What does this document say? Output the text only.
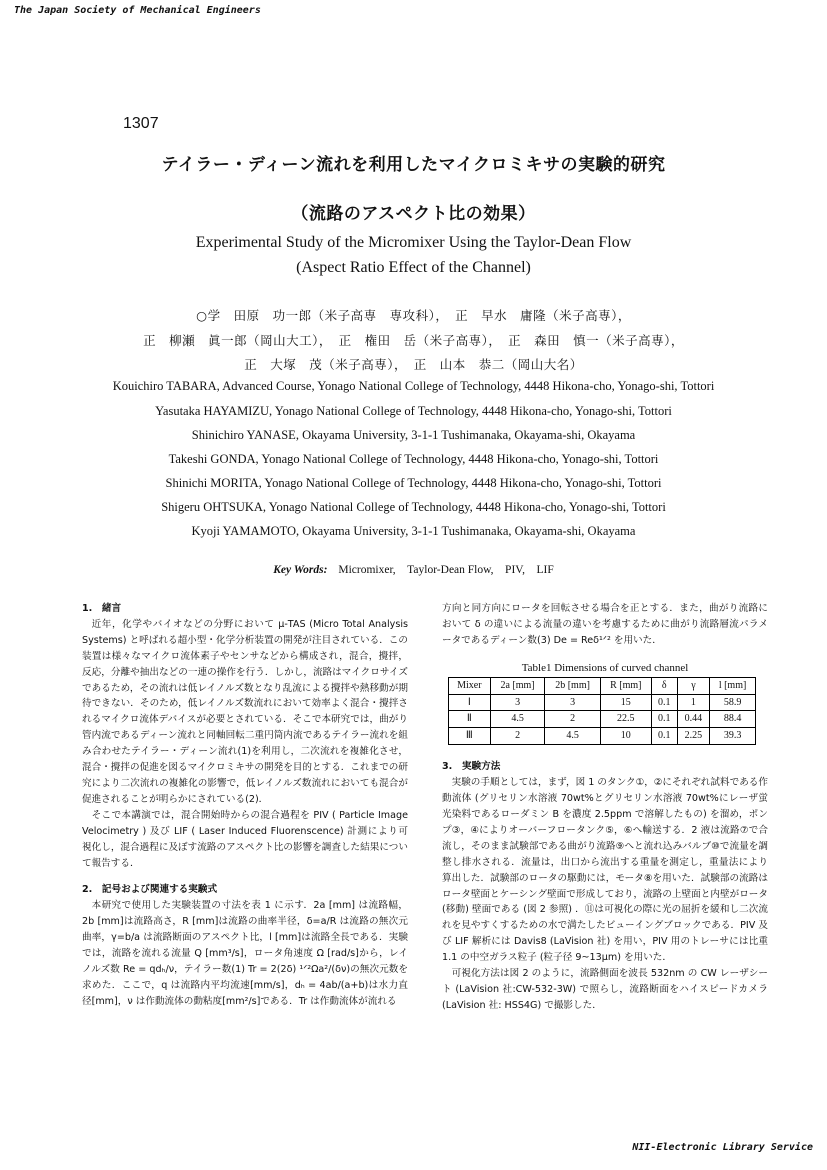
The Japan Society of Mechanical Engineers
1307
テイラー・ディーン流れを利用したマイクロミキサの実験的研究
（流路のアスペクト比の効果）
Experimental Study of the Micromixer Using the Taylor-Dean Flow
(Aspect Ratio Effect of the Channel)
○学　田原　功一郎（米子高専　専攻科），　正　早水　庸隆（米子高専），
正　柳瀬　眞一郎（岡山大工），　正　権田　岳（米子高専），　正　森田　慎一（米子高専），
正　大塚　茂（米子高専），　正　山本　恭二（岡山大名）
Kouichiro TABARA, Advanced Course, Yonago National College of Technology, 4448 Hikona-cho, Yonago-shi, Tottori
Yasutaka HAYAMIZU, Yonago National College of Technology, 4448 Hikona-cho, Yonago-shi, Tottori
Shinichiro YANASE, Okayama University, 3-1-1 Tushimanaka, Okayama-shi, Okayama
Takeshi GONDA, Yonago National College of Technology, 4448 Hikona-cho, Yonago-shi, Tottori
Shinichi MORITA, Yonago National College of Technology, 4448 Hikona-cho, Yonago-shi, Tottori
Shigeru OHTSUKA, Yonago National College of Technology, 4448 Hikona-cho, Yonago-shi, Tottori
Kyoji YAMAMOTO, Okayama University, 3-1-1 Tushimanaka, Okayama-shi, Okayama
Key Words: Micromixer,　Taylor-Dean Flow,　PIV,　LIF

1.　緒言

近年，化学やバイオなどの分野において μ-TAS (Micro Total Analysis Systems) と呼ばれる超小型・化学分析装置の開発が注目されている．この装置は様々なマイクロ流体素子やセンサなどから構成され，混合，攪拌，反応，分離や抽出などの一連の操作を行う．しかし，流路はマイクロサイズであるため，その流れは低レイノルズ数となり乱流による攪拌や熱移動が期待できない．そのため，低レイノルズ数流れにおいて効率よく混合・攪拌されるマイクロ流体デバイスが必要とされている．そこで本研究では，曲がり管内流であるディーン流れと同軸回転二重円筒内流であるテイラー流れを組み合わせたテイラー・ディーン流れ(1)を利用し，二次流れを複雑化させ，混合・攪拌の促進を図るマイクロミキサの開発を目的とする．これまでの研究により二次流れの複雑化の影響で，低レイノルズ数流れにおいても混合が促進されることが明らかにされている(2)．

そこで本講演では，混合開始時からの混合過程を PIV ( Particle Image Velocimetry ) 及び LIF ( Laser Induced Fluorenscence) 計測により可視化し，混合過程に及ぼす流路のアスペクト比の影響を調査した結果について報告する．

2.　記号および関連する実験式

本研究で使用した実験装置の寸法を表 1 に示す．2a [mm] は流路幅，2b [mm]は流路高さ，R [mm]は流路の曲率半径，δ=a/R は流路の無次元曲率，γ=b/a は流路断面のアスペクト比，l [mm]は流路全長である．実験では，流路を流れる流量 Q [mm³/s]，ロータ角速度 Ω [rad/s]から，レイノルズ数 Re = qdₕ/ν，テイラー数(1) Tr = 2(2δ) ¹ᐟ²Ωa²/(δν)の無次元数を求めた．ここで，q は流路内平均流速[mm/s]，dₕ = 4ab/(a+b)は水力直径[mm]，ν は作動流体の動粘度[mm²/s]である．Tr は作動流体が流れる

方向と同方向にロータを回転させる場合を正とする．また，曲がり流路において δ の違いによる流量の違いを考慮するために曲がり流路層流パラメータであるディーン数(3) De = Reδ¹ᐟ² を用いた．

Table1 Dimensions of curved channel
Mixer	2a [mm]	2b [mm]	R [mm]	δ	γ	l [mm]
Ⅰ	3	3	15	0.1	1	58.9
Ⅱ	4.5	2	22.5	0.1	0.44	88.4
Ⅲ	2	4.5	10	0.1	2.25	39.3

3.　実験方法

実験の手順としては，まず，図 1 のタンク①，②にそれぞれ試料である作動流体 (グリセリン水溶液 70wt%とグリセリン水溶液 70wt%にレーザ蛍光染料であるローダミン B を濃度 2.5ppm で溶解したもの) を溜め，ポンプ③，④によりオーバーフロータンク⑤，⑥へ輸送する．2 液は流路⑦で合流し，そのまま試験部である曲がり流路⑨へと流れ込みバルブ⑩で流量を調整し排水される．流量は，出口から流出する重量を測定し，重量法により算出した．試験部のロータの駆動には，モータ⑧を用いた．試験部の流路はロータ壁面とケーシング壁面で形成しており，流路の上壁面と内壁がロータ (移動) 壁面である (図 2 参照) ．⑪は可視化の際に光の屈折を緩和し二次流れを見やすくするための水で満たしたビューイングブロックである．PIV 及び LIF 解析には Davis8 (LaVision 社) を用い，PIV 用のトレーサには比重 1.1 の中空ガラス粒子 (粒子径 9~13μm) を用いた．

可視化方法は図 2 のように，流路側面を波長 532nm の CW レーザシート (LaVision 社:CW-532-3W) で照らし，流路断面をハイスピードカメラ (LaVision 社: HSS4G) で撮影した．

NII-Electronic Library Service
